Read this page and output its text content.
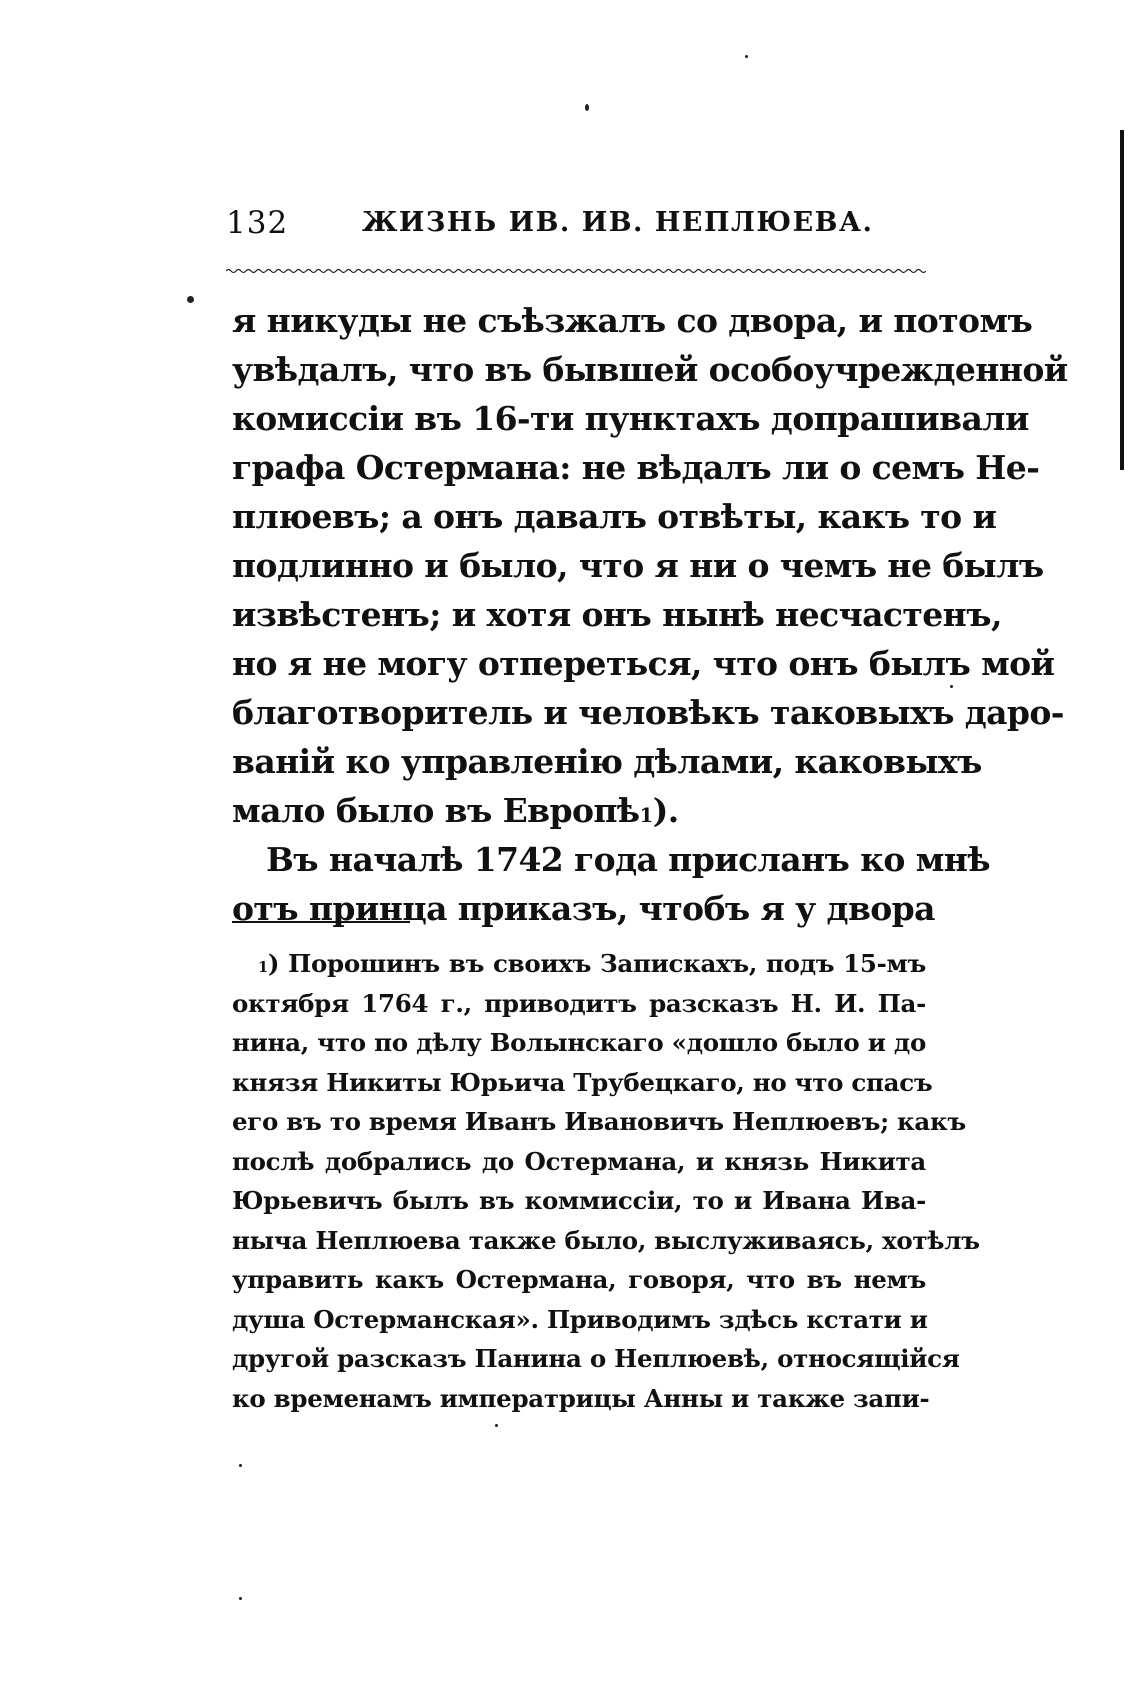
132	ЖИЗНЬ ИВ. ИВ. НЕПЛЮЕВА.
я никуды не съѣзжалъ со двора, и потомъ
увѣдалъ, что въ бывшей особоучрежденной
комиссіи въ 16-ти пунктахъ допрашивали
графа Остермана: не вѣдалъ ли о семъ Не-
плюевъ; а онъ давалъ отвѣты, какъ то и
подлинно и было, что я ни о чемъ не былъ
извѣстенъ; и хотя онъ нынѣ несчастенъ,
но я не могу отпереться, что онъ былъ мой
благотворитель и человѣкъ таковыхъ даро-
ваній ко управленію дѣлами, каковыхъ
мало было въ Европѣ$^1$).
Въ началѣ 1742 года присланъ ко мнѣ
отъ принца приказъ, чтобъ я у двора
$^1$) Порошинъ въ своихъ Запискахъ, подъ 15-мъ
октября 1764 г., приводитъ разсказъ Н. И. Па-
нина, что по дѣлу Волынскаго «дошло было и до
князя Никиты Юрьича Трубецкаго, но что спасъ
его въ то время Иванъ Ивановичъ Неплюевъ; какъ
послѣ добрались до Остермана, и князь Никита
Юрьевичъ былъ въ коммиссіи, то и Ивана Ива-
ныча Неплюева также было, выслуживаясь, хотѣлъ
управить какъ Остермана, говоря, что въ немъ
душа Остерманская». Приводимъ здѣсь кстати и
другой разсказъ Панина о Неплюевѣ, относящійся
ко временамъ императрицы Анны и также запи-
